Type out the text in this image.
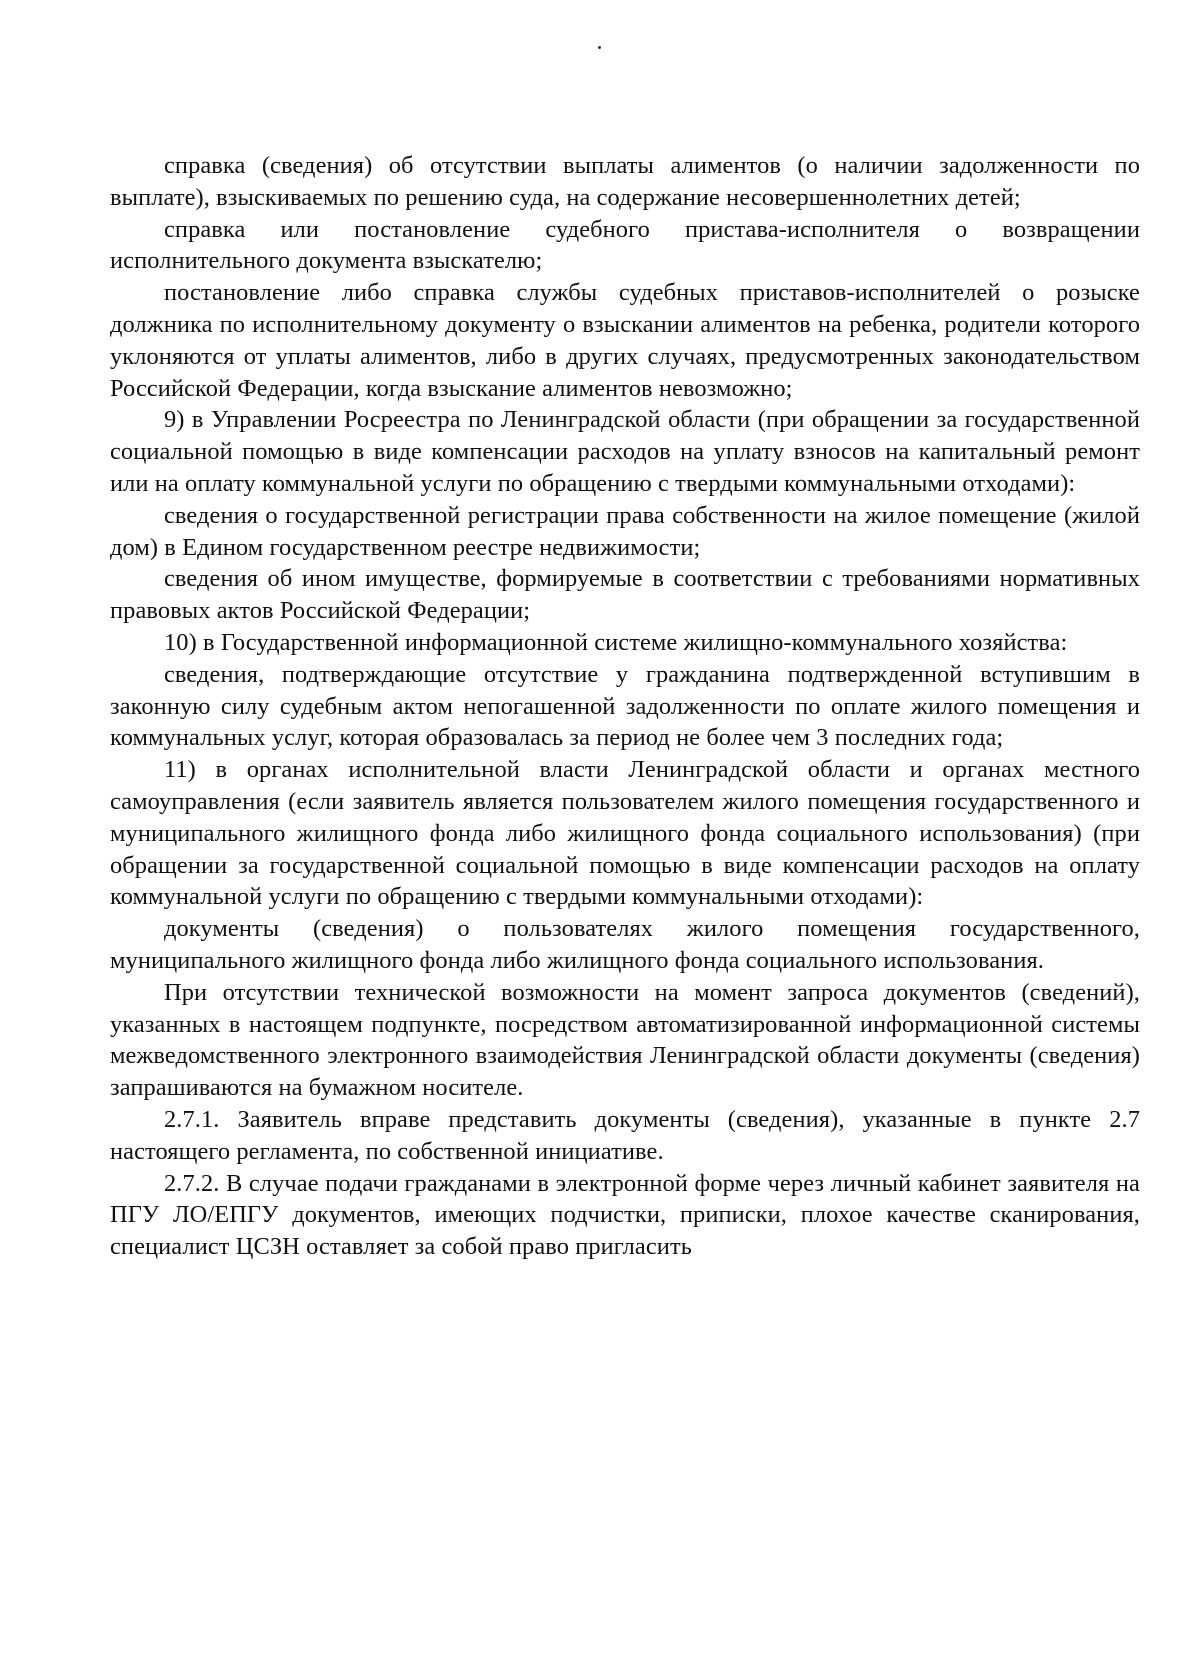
справка (сведения) об отсутствии выплаты алиментов (о наличии задолженности по выплате), взыскиваемых по решению суда, на содержание несовершеннолетних детей;

справка или постановление судебного пристава-исполнителя о возвращении исполнительного документа взыскателю;

постановление либо справка службы судебных приставов-исполнителей о розыске должника по исполнительному документу о взыскании алиментов на ребенка, родители которого уклоняются от уплаты алиментов, либо в других случаях, предусмотренных законодательством Российской Федерации, когда взыскание алиментов невозможно;

9) в Управлении Росреестра по Ленинградской области (при обращении за государственной социальной помощью в виде компенсации расходов на уплату взносов на капитальный ремонт или на оплату коммунальной услуги по обращению с твердыми коммунальными отходами):

сведения о государственной регистрации права собственности на жилое помещение (жилой дом) в Едином государственном реестре недвижимости;

сведения об ином имуществе, формируемые в соответствии с требованиями нормативных правовых актов Российской Федерации;

10) в Государственной информационной системе жилищно-коммунального хозяйства:

сведения, подтверждающие отсутствие у гражданина подтвержденной вступившим в законную силу судебным актом непогашенной задолженности по оплате жилого помещения и коммунальных услуг, которая образовалась за период не более чем 3 последних года;

11) в органах исполнительной власти Ленинградской области и органах местного самоуправления (если заявитель является пользователем жилого помещения государственного и муниципального жилищного фонда либо жилищного фонда социального использования) (при обращении за государственной социальной помощью в виде компенсации расходов на оплату коммунальной услуги по обращению с твердыми коммунальными отходами):

документы (сведения) о пользователях жилого помещения государственного, муниципального жилищного фонда либо жилищного фонда социального использования.

При отсутствии технической возможности на момент запроса документов (сведений), указанных в настоящем подпункте, посредством автоматизированной информационной системы межведомственного электронного взаимодействия Ленинградской области документы (сведения) запрашиваются на бумажном носителе.

2.7.1. Заявитель вправе представить документы (сведения), указанные в пункте 2.7 настоящего регламента, по собственной инициативе.

2.7.2. В случае подачи гражданами в электронной форме через личный кабинет заявителя на ПГУ ЛО/ЕПГУ документов, имеющих подчистки, приписки, плохое качестве сканирования, специалист ЦСЗН оставляет за собой право пригласить
